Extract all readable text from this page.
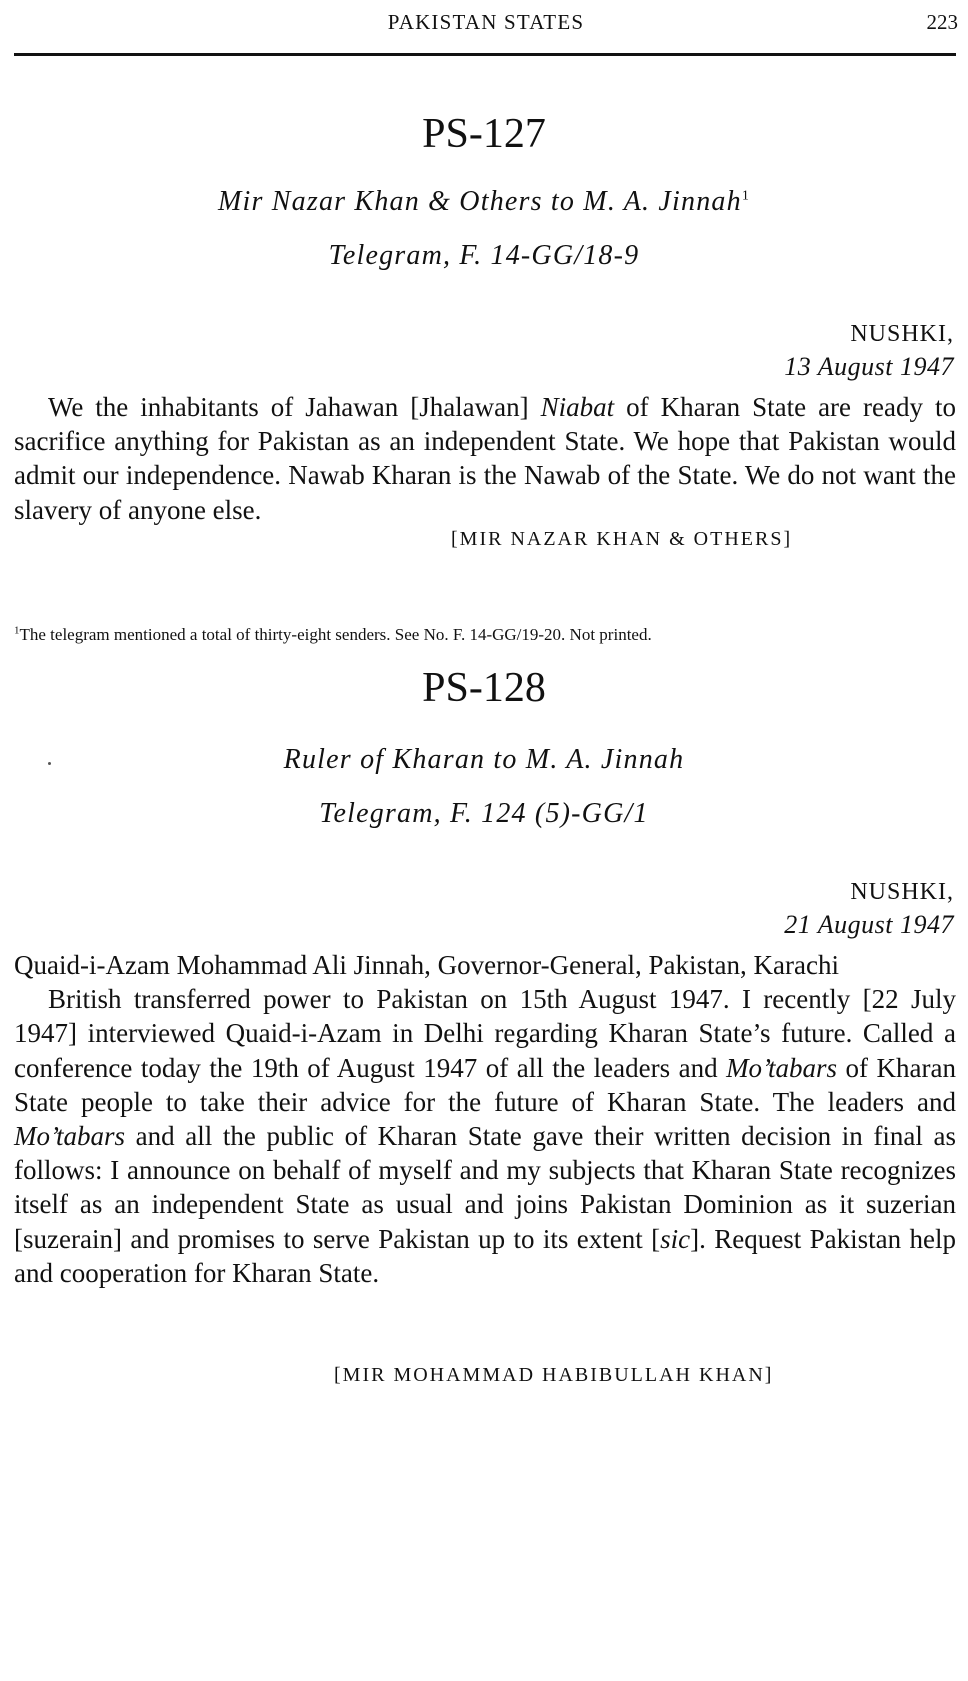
PAKISTAN STATES	223
PS-127
Mir Nazar Khan & Others to M. A. Jinnah$^1$
Telegram, F. 14-GG/18-9
NUSHKI,
13 August 1947

We the inhabitants of Jahawan [Jhalawan] Niabat of Kharan State are ready to sacrifice anything for Pakistan as an independent State. We hope that Pakistan would admit our independence. Nawab Kharan is the Nawab of the State. We do not want the slavery of anyone else.

[MIR NAZAR KHAN & OTHERS]
$^1$The telegram mentioned a total of thirty-eight senders. See No. F. 14-GG/19-20. Not printed.
PS-128
Ruler of Kharan to M. A. Jinnah
Telegram, F. 124 (5)-GG/1
NUSHKI,
21 August 1947

Quaid-i-Azam Mohammad Ali Jinnah, Governor-General, Pakistan, Karachi

British transferred power to Pakistan on 15th August 1947. I recently [22 July 1947] interviewed Quaid-i-Azam in Delhi regarding Kharan State’s future. Called a conference today the 19th of August 1947 of all the leaders and Mo’tabars of Kharan State people to take their advice for the future of Kharan State. The leaders and Mo’tabars and all the public of Kharan State gave their written decision in final as follows: I announce on behalf of myself and my subjects that Kharan State recognizes itself as an independent State as usual and joins Pakistan Dominion as it suzerian [suzerain] and promises to serve Pakistan up to its extent [sic]. Request Pakistan help and cooperation for Kharan State.

[MIR MOHAMMAD HABIBULLAH KHAN]
